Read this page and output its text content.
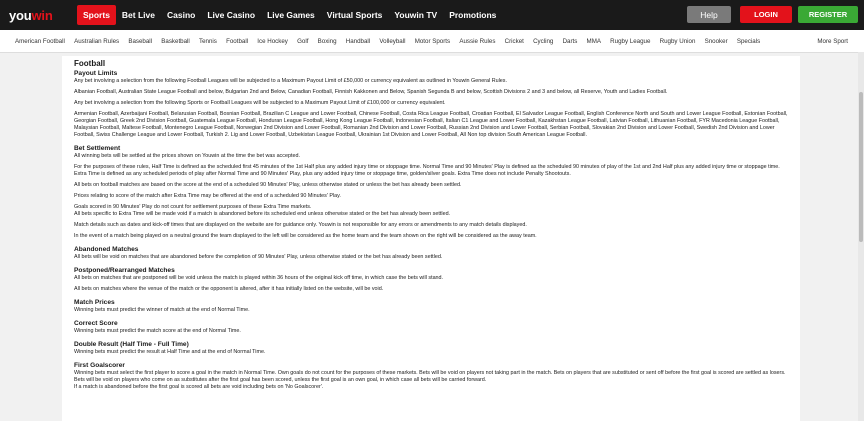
you win	Sports	Bet Live	Casino	Live Casino	Live Games	Virtual Sports	Youwin TV	Promotions	Help	LOGIN	REGISTER
American Football	Australian Rules	Baseball	Basketball	Tennis	Football	Ice Hockey	Golf	Boxing	Handball	Volleyball	Motor Sports	Aussie Rules	Cricket	Cycling	Darts	MMA	Rugby League	Rugby Union	Snooker	Specials	More Sport
Football
Payout Limits
Any bet involving a selection from the following Football Leagues will be subjected to a Maximum Payout Limit of £50,000 or currency equivalent as outlined in Youwin General Rules.
Albanian Football, Australian State League Football and below, Bulgarian 2nd and Below, Canadian Football, Finnish Kakkonen and Below, Spanish Segunda B and below, Scottish Divisions 2 and 3 and below, all Reserve, Youth and Ladies Football.
Any bet involving a selection from the following Sports or Football Leagues will be subjected to a Maximum Payout Limit of £100,000 or currency equivalent.
Armenian Football, Azerbaijani Football, Belarusian Football, Bosnian Football, Brazilian C League and Lower Football, Chinese Football, Costa Rica League Football, Croatian Football, El Salvador League Football, English Conference North and South and Lower League Football, Estonian Football, Georgian Football, Greek 2nd Division Football, Guatemala League Football, Honduran League Football, Hong Kong League Football, Indonesian Football, Italian C1 League and Lower Football, Kazakhstan League Football, Latvian Football, Lithuanian Football, FYR Macedonia League Football, Malaysian Football, Maltese Football, Montenegro League Football, Norwegian 2nd Division and Lower Football, Romanian 2nd Division and Lower Football, Russian 2nd Division and Lower Football, Serbian Football, Slovakian 2nd Division and Lower Football, Swedish 2nd Division and Lower Football, Swiss Challenge League and Lower Football, Turkish 2. Lig and Lower Football, Uzbekistan League Football, Ukrainian 1st Division and Lower Football, All Non top division South American League Football.
Bet Settlement
All winning bets will be settled at the prices shown on Youwin at the time the bet was accepted.
For the purposes of these rules, Half Time is defined as the scheduled first 45 minutes of the 1st Half plus any added injury time or stoppage time. Normal Time and 90 Minutes' Play is defined as the scheduled 90 minutes of play of the 1st and 2nd Half plus any added injury time or stoppage time. Extra Time is defined as any scheduled periods of play after Normal Time and 90 Minutes' Play, plus any added injury time or stoppage time, golden/silver goals. Extra Time does not include Penalty Shootouts.
All bets on football matches are based on the score at the end of a scheduled 90 Minutes' Play, unless otherwise stated or unless the bet has already been settled.
Prices relating to score of the match after Extra Time may be offered at the end of a scheduled 90 Minutes' Play.
Goals scored in 90 Minutes' Play do not count for settlement purposes of these Extra Time markets.
All bets specific to Extra Time will be made void if a match is abandoned before its scheduled end unless otherwise stated or the bet has already been settled.
Match details such as dates and kick-off times that are displayed on the website are for guidance only. Youwin is not responsible for any errors or amendments to any match details displayed.
In the event of a match being played on a neutral ground the team displayed to the left will be considered as the home team and the team shown on the right will be considered as the away team.
Abandoned Matches
All bets will be void on matches that are abandoned before the completion of 90 Minutes' Play, unless otherwise stated or the bet has already been settled.
Postponed/Rearranged Matches
All bets on matches that are postponed will be void unless the match is played within 36 hours of the original kick off time, in which case the bets will stand.
All bets on matches where the venue of the match or the opponent is altered, after it has initially listed on the website, will be void.
Match Prices
Winning bets must predict the winner of match at the end of Normal Time.
Correct Score
Winning bets must predict the match score at the end of Normal Time.
Double Result (Half Time - Full Time)
Winning bets must predict the result at Half Time and at the end of Normal Time.
First Goalscorer
Winning bets must select the first player to score a goal in the match in Normal Time. Own goals do not count for the purposes of these markets. Bets will be void on players not taking part in the match. Bets on players that are substituted or sent off before the first goal is scored are settled as losers. Bets will be void on players who come on as substitutes after the first goal has been scored, unless the first goal is an own goal, in which case all bets will be carried forward.
If a match is abandoned before the first goal is scored all bets are void including bets on 'No Goalscorer'.
